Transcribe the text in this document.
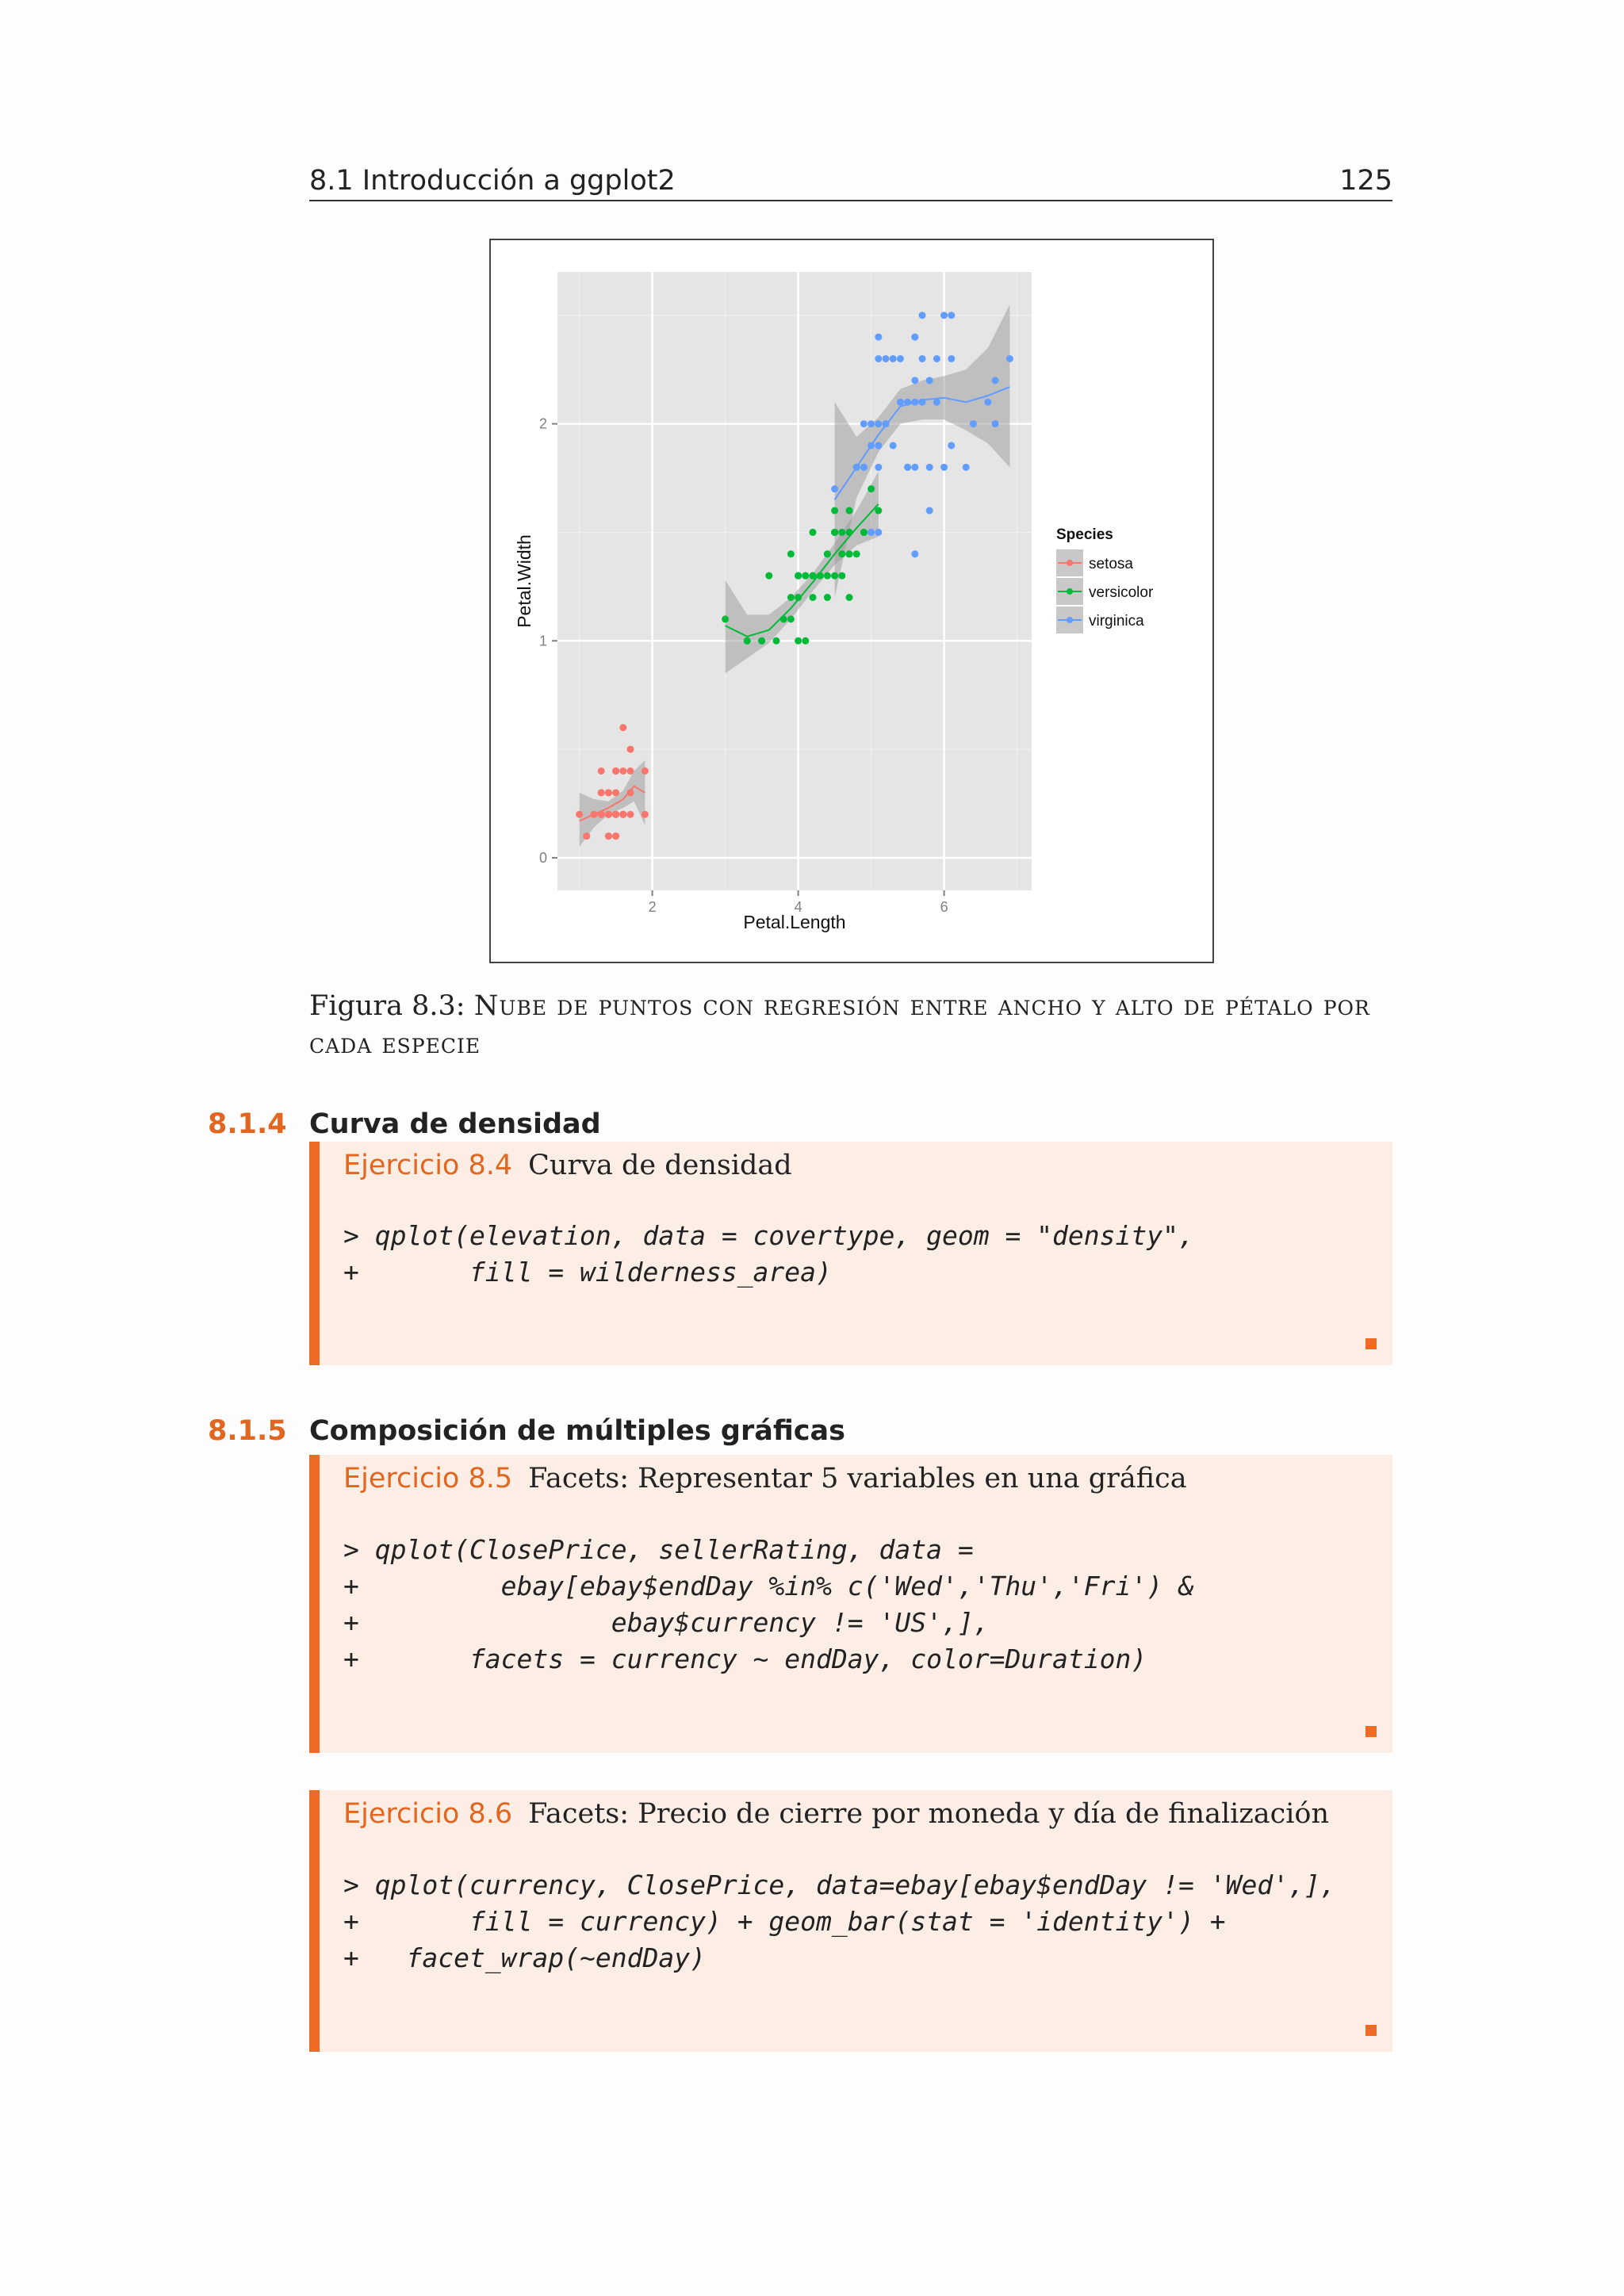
8.1 Introducción a ggplot2	125
2	4	6
0
1
2
Petal.Length
Petal.Width	Species
setosa
versicolor
virginica
Figura 8.3: Nube de puntos con regresión entre ancho y alto de pétalo por
cada especie
8.1.4 Curva de densidad
Ejercicio 8.4 Curva de densidad
> qplot(elevation, data = covertype, geom = "density",
+       fill = wilderness_area)
8.1.5 Composición de múltiples gráficas
Ejercicio 8.5 Facets: Representar 5 variables en una gráfica
> qplot(ClosePrice, sellerRating, data =
+         ebay[ebay$endDay %in% c('Wed','Thu','Fri') &
+                ebay$currency != 'US',],
+       facets = currency ~ endDay, color=Duration)
Ejercicio 8.6 Facets: Precio de cierre por moneda y día de finalización
> qplot(currency, ClosePrice, data=ebay[ebay$endDay != 'Wed',],
+       fill = currency) + geom_bar(stat = 'identity') +
+   facet_wrap(~endDay)
